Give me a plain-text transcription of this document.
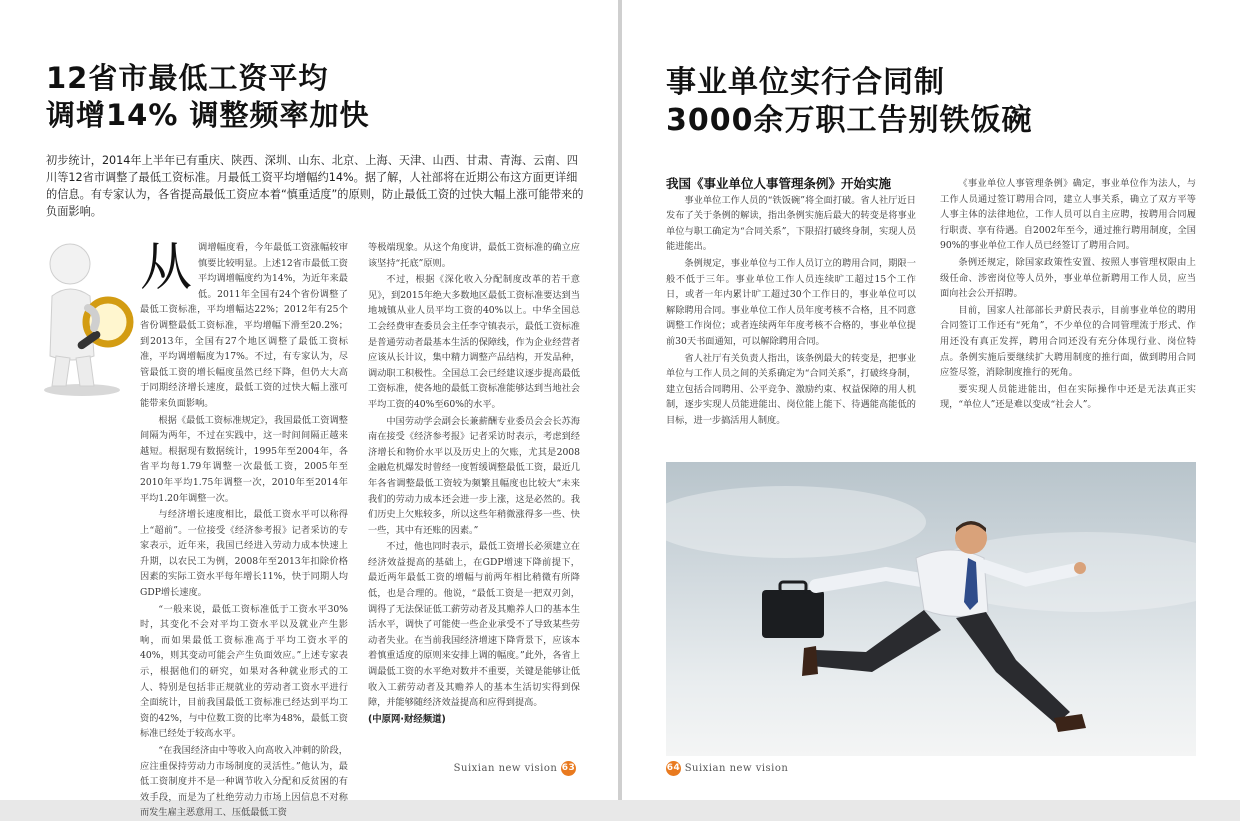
12省市最低工资平均
调增14% 调整频率加快
初步统计，2014年上半年已有重庆、陕西、深圳、山东、北京、上海、天津、山西、甘肃、青海、云南、四川等12省市调整了最低工资标准。月最低工资平均增幅约14%。据了解，人社部将在近期公布这方面更详细的信息。有专家认为，各省提高最低工资应本着“慎重适度”的原则，防止最低工资的过快大幅上涨可能带来的负面影响。

从调增幅度看，今年最低工资涨幅较审慎要比较明显。上述12省市最低工资平均调增幅度约为14%，为近年来最低。2011年全国有24个省份调整了最低工资标准，平均增幅达22%；2012年有25个省份调整最低工资标准，平均增幅下滑至20.2%；到2013年，全国有27个地区调整了最低工资标准，平均调增幅度为17%。不过，有专家认为，尽管最低工资的增长幅度虽然已经下降，但仍大大高于同期经济增长速度，最低工资的过快大幅上涨可能带来负面影响。

根据《最低工资标准规定》，我国最低工资调整间隔为两年，不过在实践中，这一时间间隔正越来越短。根据现有数据统计，1995年至2004年，各省平均每1.79年调整一次最低工资，2005年至2010年平均1.75年调整一次，2010年至2014年平均1.20年调整一次。

与经济增长速度相比，最低工资水平可以称得上“超前”。一位接受《经济参考报》记者采访的专家表示，近年来，我国已经进入劳动力成本快速上升期，以农民工为例，2008年至2013年扣除价格因素的实际工资水平每年增长11%，快于同期人均GDP增长速度。

“一般来说，最低工资标准低于工资水平30%时，其变化不会对平均工资水平以及就业产生影响，而如果最低工资标准高于平均工资水平的40%，则其变动可能会产生负面效应。”上述专家表示，根据他们的研究，如果对各种就业形式的工人、特别是包括非正规就业的劳动者工资水平进行全面统计，目前我国最低工资标准已经达到平均工资的42%，与中位数工资的比率为48%，最低工资标准已经处于较高水平。

“在我国经济由中等收入向高收入冲刺的阶段，应注重保持劳动力市场制度的灵活性。”他认为，最低工资制度并不是一种调节收入分配和反贫困的有效手段，而是为了杜绝劳动力市场上因信息不对称而发生雇主恶意用工、压低最低工资

等极端现象。从这个角度讲，最低工资标准的确立应该坚持“托底”原则。

不过，根据《深化收入分配制度改革的若干意见》，到2015年绝大多数地区最低工资标准要达到当地城镇从业人员平均工资的40%以上。中华全国总工会经费审查委员会主任李守镇表示，最低工资标准是普通劳动者最基本生活的保障线，作为企业经营者应该从长计议，集中精力调整产品结构，开发品种，调动职工积极性。全国总工会已经建议逐步提高最低工资标准，使各地的最低工资标准能够达到当地社会平均工资的40%至60%的水平。

中国劳动学会副会长兼薪酬专业委员会会长苏海南在接受《经济参考报》记者采访时表示，考虑到经济增长和物价水平以及历史上的欠账，尤其是2008金融危机爆发时曾经一度暂缓调整最低工资，最近几年各省调整最低工资较为频繁且幅度也比较大“未来我们的劳动力成本还会进一步上涨，这是必然的。我们历史上欠账较多，所以这些年稍微涨得多一些、快一些，其中有还账的因素。”

不过，他也同时表示，最低工资增长必须建立在经济效益提高的基础上，在GDP增速下降前提下，最近两年最低工资的增幅与前两年相比稍微有所降低，也是合理的。他说，“最低工资是一把双刃剑，调得了无法保证低工薪劳动者及其赡养人口的基本生活水平，调快了可能使一些企业承受不了导致某些劳动者失业。在当前我国经济增速下降背景下，应该本着慎重适度的原则来安排上调的幅度。”此外，各省上调最低工资的水平绝对数并不重要，关键是能够让低收入工薪劳动者及其赡养人的基本生活切实得到保障，并能够随经济效益提高和应得到提高。

(中原网·财经频道)

Suixian new vision 63
事业单位实行合同制
3000余万职工告别铁饭碗

我国《事业单位人事管理条例》开始实施

事业单位工作人员的“铁饭碗”将全面打破。省人社厅近日发布了关于条例的解读，指出条例实施后最大的转变是将事业单位与职工确定为“合同关系”，下限招打破终身制，实现人员能进能出。

条例规定，事业单位与工作人员订立的聘用合同，期限一般不低于三年。事业单位工作人员连续旷工超过15个工作日，或者一年内累计旷工超过30个工作日的，事业单位可以解除聘用合同。事业单位工作人员年度考核不合格，且不同意调整工作岗位；或者连续两年年度考核不合格的，事业单位提前30天书面通知，可以解除聘用合同。

省人社厅有关负责人指出，该条例最大的转变是，把事业单位与工作人员之间的关系确定为“合同关系”，打破终身制，建立包括合同聘用、公平竞争、激励约束、权益保障的用人机制，逐步实现人员能进能出、岗位能上能下、待遇能高能低的目标，进一步搞活用人制度。

《事业单位人事管理条例》确定，事业单位作为法人，与工作人员通过签订聘用合同，建立人事关系，确立了双方平等人事主体的法律地位，工作人员可以自主应聘，按聘用合同履行职责、享有待遇。自2002年至今，通过推行聘用制度，全国90%的事业单位工作人员已经签订了聘用合同。

条例还规定，除国家政策性安置、按照人事管理权限由上级任命、涉密岗位等人员外，事业单位新聘用工作人员，应当面向社会公开招聘。

目前，国家人社部部长尹蔚民表示，目前事业单位的聘用合同签订工作还有“死角”，不少单位的合同管理流于形式、作用还没有真正发挥，聘用合同还没有充分体现行业、岗位特点。条例实施后要继续扩大聘用制度的推行面，做到聘用合同应签尽签，消除制度推行的死角。

要实现人员能进能出，但在实际操作中还是无法真正实现，“单位人”还是难以变成“社会人”。

64 Suixian new vision
